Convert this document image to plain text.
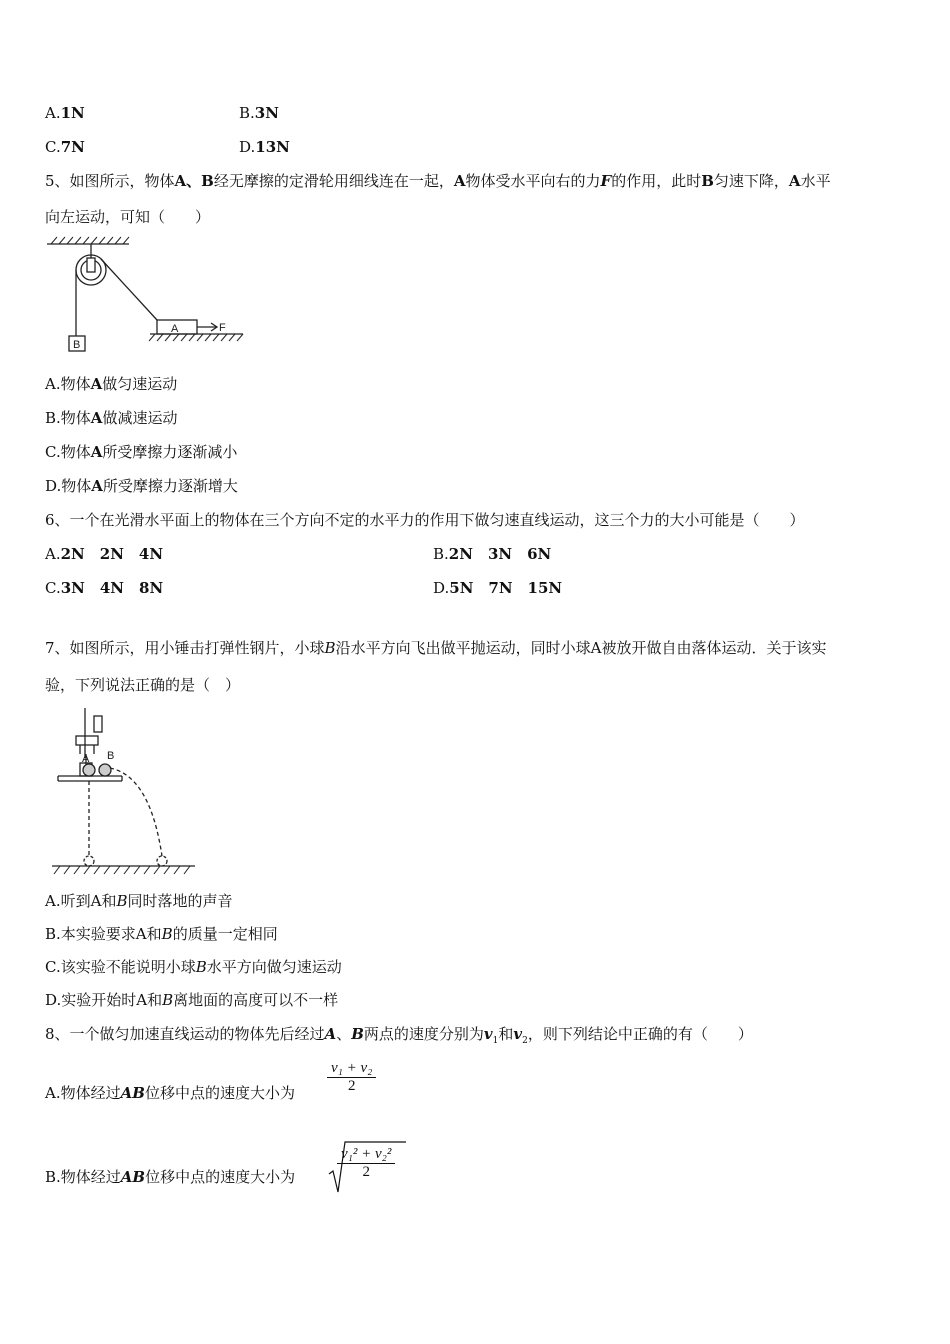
A.1N	B.3N
C.7N	D.13N
5、如图所示，物体A、B经无摩擦的定滑轮用细线连在一起，A物体受水平向右的力F的作用，此时B匀速下降，A水平
向左运动，可知（　　）
A	F
B
A.物体A做匀速运动
B.物体A做减速运动
C.物体A所受摩擦力逐渐减小
D.物体A所受摩擦力逐渐增大
6、一个在光滑水平面上的物体在三个方向不定的水平力的作用下做匀速直线运动，这三个力的大小可能是（　　）
A.2N　2N　4N	B.2N　3N　6N
C.3N　4N　8N	D.5N　7N　15N
7、如图所示，用小锤击打弹性钢片，小球B沿水平方向飞出做平抛运动，同时小球A被放开做自由落体运动．关于该实
验，下列说法正确的是（　）
A B
A.听到A和B同时落地的声音
B.本实验要求A和B的质量一定相同
C.该实验不能说明小球B水平方向做匀速运动
D.实验开始时A和B离地面的高度可以不一样
8、一个做匀加速直线运动的物体先后经过A、B两点的速度分别为$v_1$和$v_2$，则下列结论中正确的有（　　）
A.物体经过AB位移中点的速度大小为
v₁ + v₂
2
B.物体经过AB位移中点的速度大小为
v₁² + v₂²
2
